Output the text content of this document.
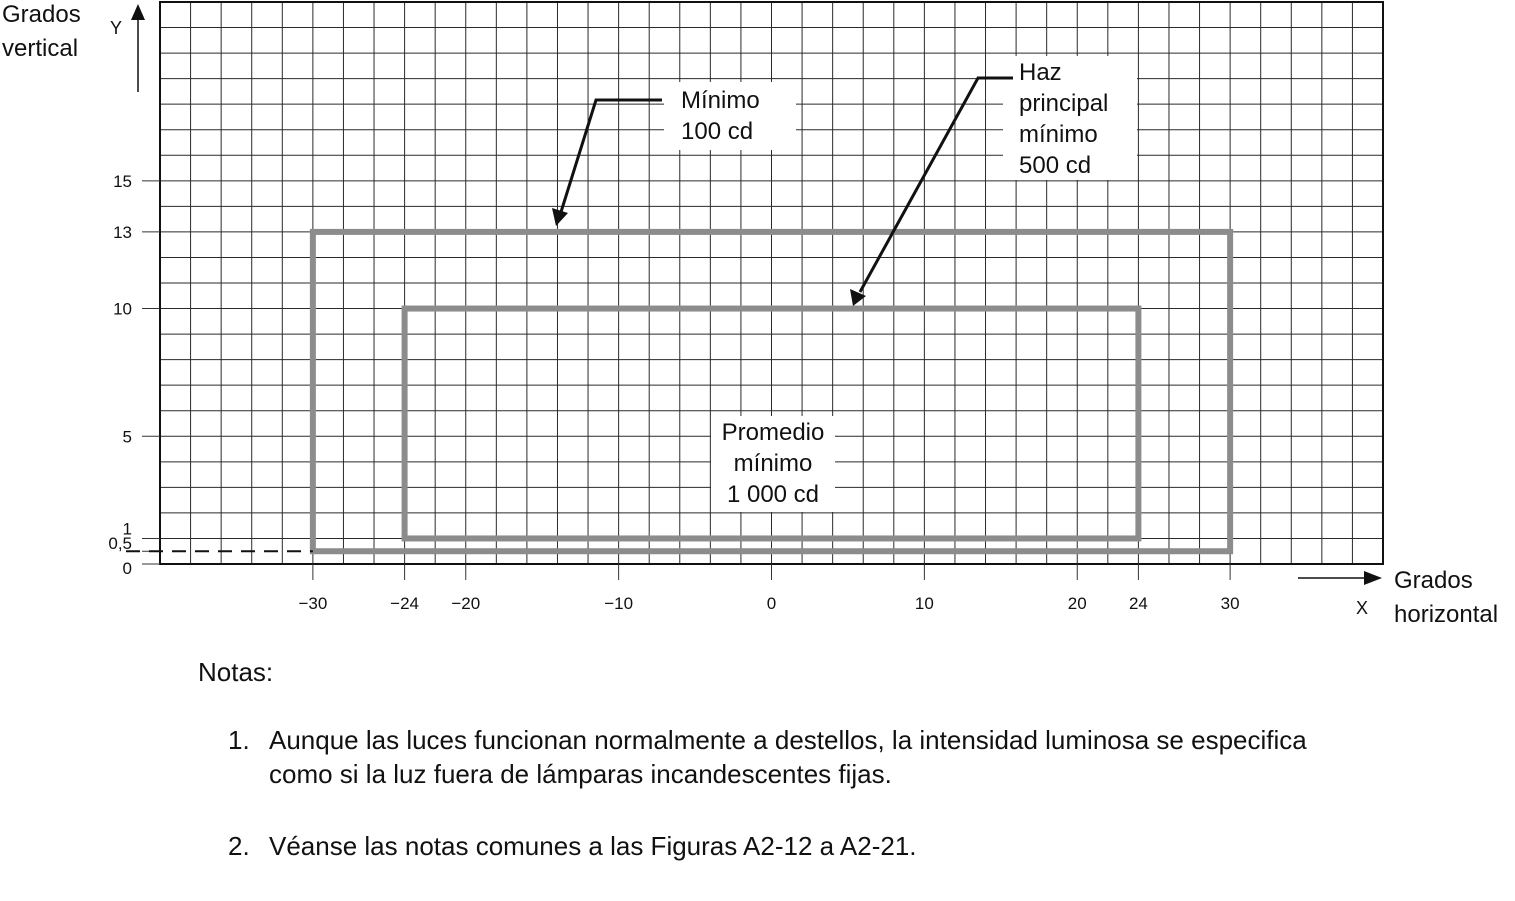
−30	−24 −20	−10	0	10	20 24	30
0
0,5
1
5
10
13
15
Mínimo
100 cd
Haz
principal
mínimo
500 cd
Promedio
mínimo
1 000 cd
Y
Grados
vertical
X
Grados
horizontal
Notas:
1. Aunque las luces funcionan normalmente a destellos, la intensidad luminosa se especifica
como si la luz fuera de lámparas incandescentes fijas.
2. Véanse las notas comunes a las Figuras A2-12 a A2-21.
